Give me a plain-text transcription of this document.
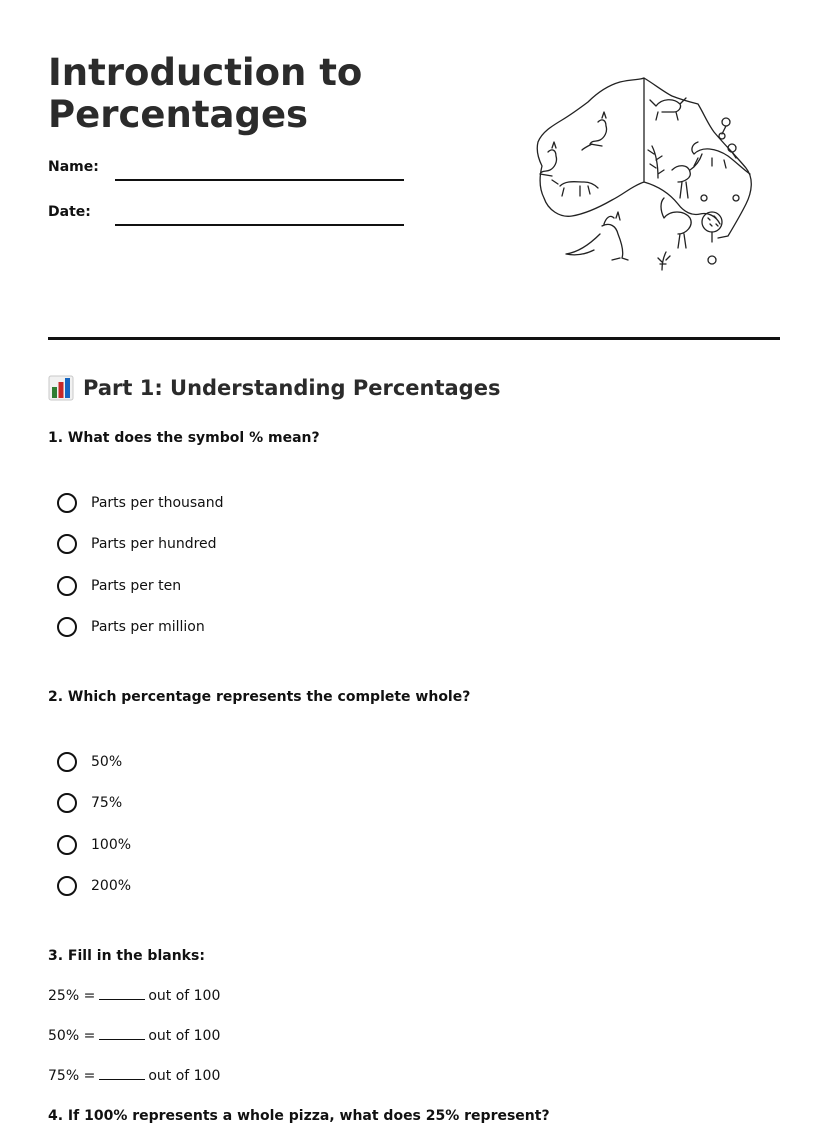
Introduction to
Percentages
Name:
Date:
Part 1: Understanding Percentages

1. What does the symbol % mean?

Parts per thousand
Parts per hundred
Parts per ten
Parts per million

2. Which percentage represents the complete whole?

50%
75%
100%
200%

3. Fill in the blanks:

25% =	out of 100
50% =	out of 100
75% =	out of 100

4. If 100% represents a whole pizza, what does 25% represent?
